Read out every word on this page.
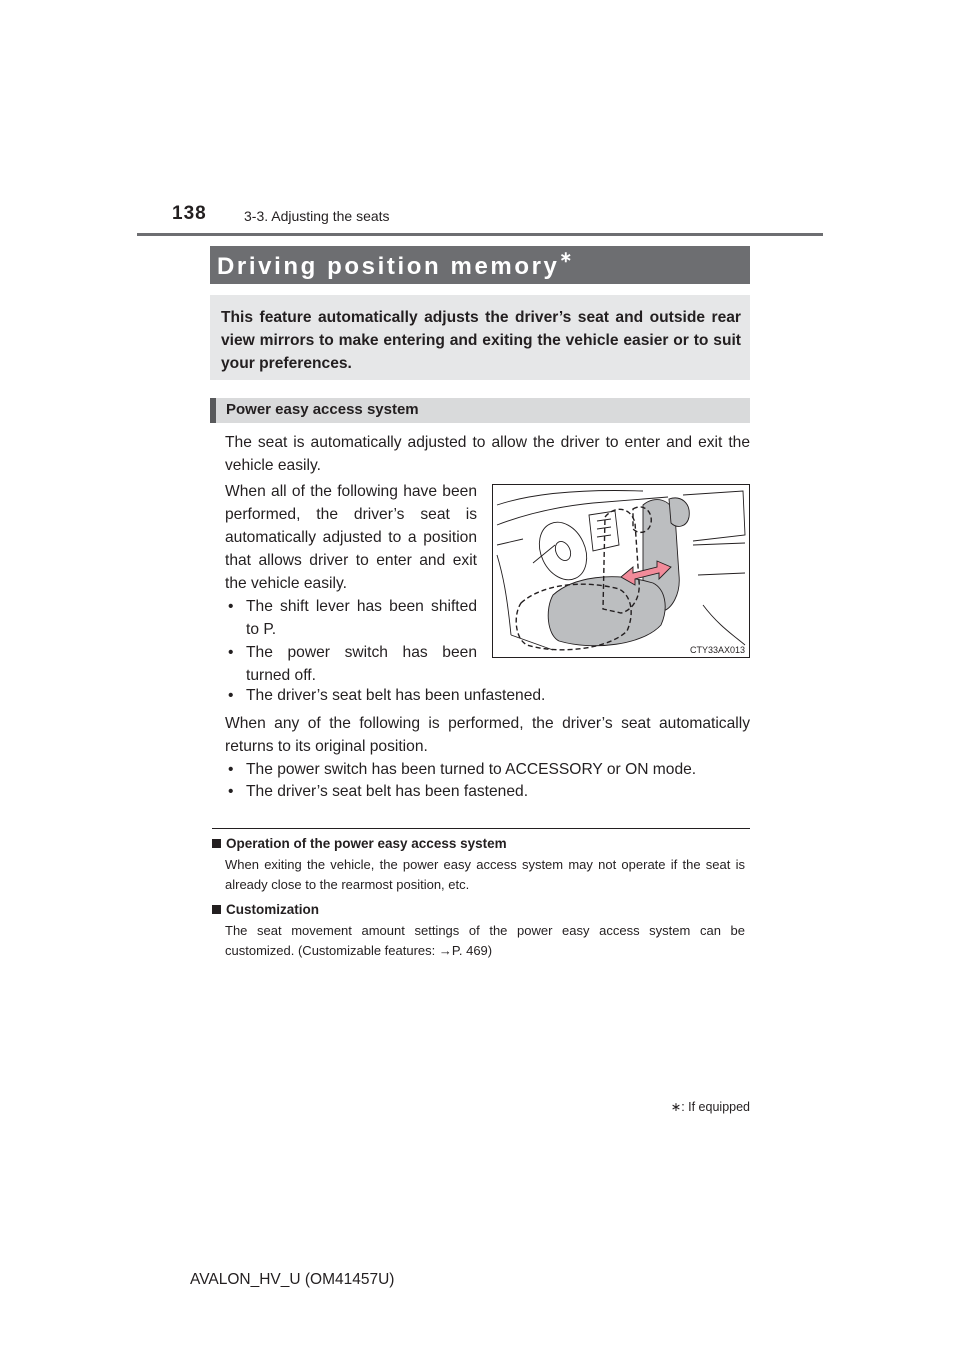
138	3-3. Adjusting the seats
Driving position memory∗
This feature automatically adjusts the driver’s seat and outside rear view mirrors to make entering and exiting the vehicle easier or to suit your preferences.
Power easy access system
The seat is automatically adjusted to allow the driver to enter and exit the vehicle easily.
When all of the following have been performed, the driver’s seat is automatically adjusted to a position that allows driver to enter and exit the vehicle easily.
• The shift lever has been shifted to P.
• The power switch has been turned off.
• The driver’s seat belt has been unfastened.
When any of the following is performed, the driver’s seat automatically returns to its original position.
• The power switch has been turned to ACCESSORY or ON mode.
• The driver’s seat belt has been fastened.
CTY33AX013
Operation of the power easy access system
When exiting the vehicle, the power easy access system may not operate if the seat is already close to the rearmost position, etc.
Customization
The seat movement amount settings of the power easy access system can be customized. (Customizable features: →P. 469)
∗: If equipped
AVALON_HV_U (OM41457U)
